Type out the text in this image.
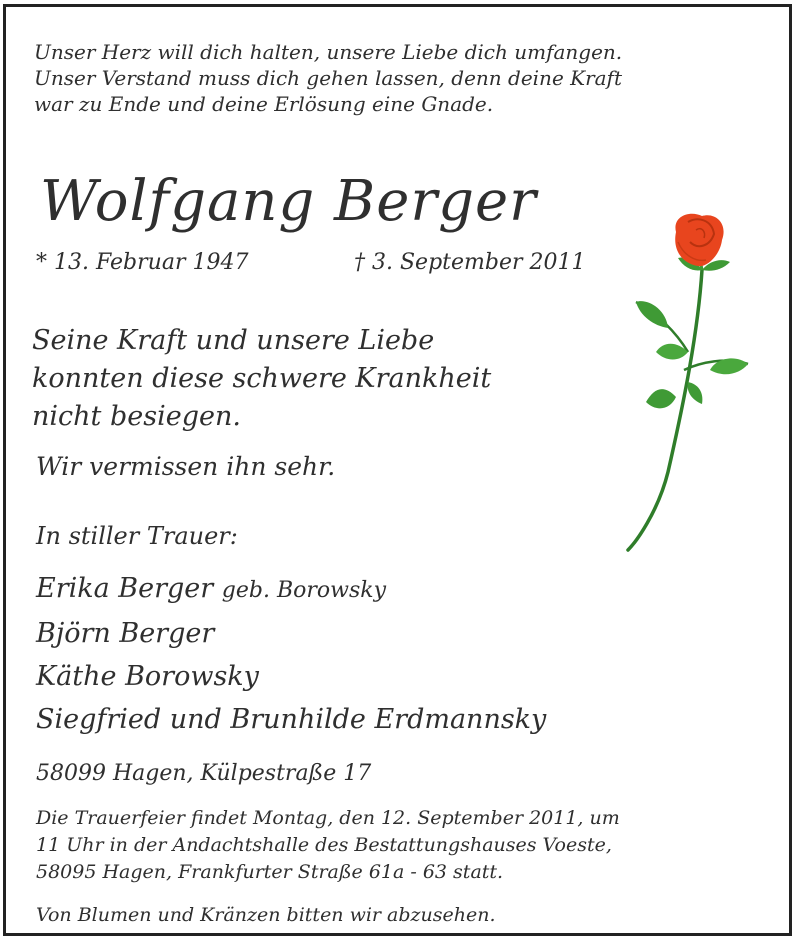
Unser Herz will dich halten, unsere Liebe dich umfangen.
Unser Verstand muss dich gehen lassen, denn deine Kraft
war zu Ende und deine Erlösung eine Gnade.
Wolfgang Berger
* 13. Februar 1947	† 3. September 2011
Seine Kraft und unsere Liebe
konnten diese schwere Krankheit
nicht besiegen.
Wir vermissen ihn sehr.
In stiller Trauer:
Erika Berger geb. Borowsky
Björn Berger
Käthe Borowsky
Siegfried und Brunhilde Erdmannsky
58099 Hagen, Külpestraße 17
Die Trauerfeier findet Montag, den 12. September 2011, um
11 Uhr in der Andachtshalle des Bestattungshauses Voeste,
58095 Hagen, Frankfurter Straße 61a - 63 statt.
Von Blumen und Kränzen bitten wir abzusehen.
